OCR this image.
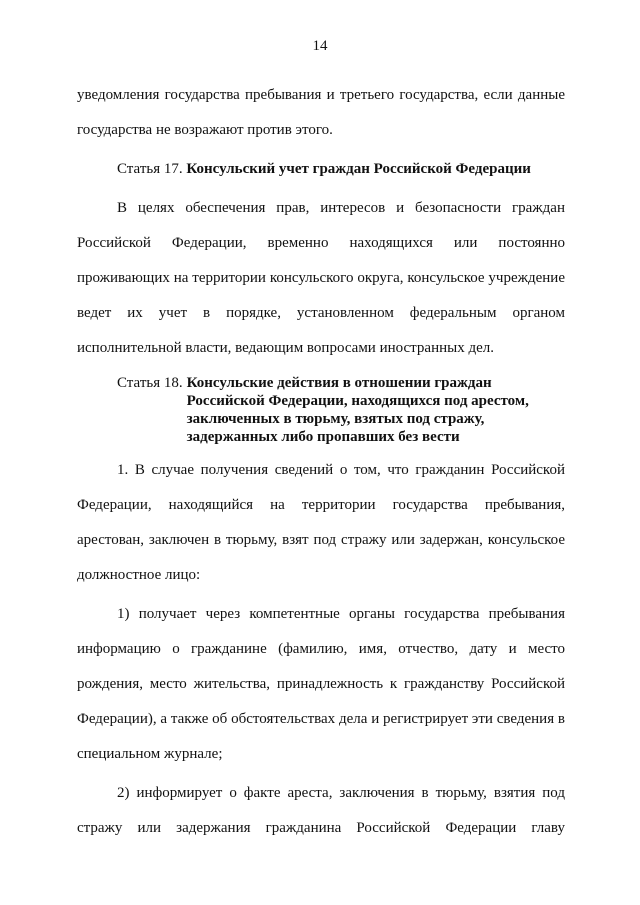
14

уведомления государства пребывания и третьего государства, если данные государства не возражают против этого.

Статья 17. Консульский учет граждан Российской Федерации

В целях обеспечения прав, интересов и безопасности граждан Российской Федерации, временно находящихся или постоянно проживающих на территории консульского округа, консульское учреждение ведет их учет в порядке, установленном федеральным органом исполнительной власти, ведающим вопросами иностранных дел.

Статья 18. Консульские действия в отношении граждан
Российской Федерации, находящихся под арестом,
заключенных в тюрьму, взятых под стражу,
задержанных либо пропавших без вести

1. В случае получения сведений о том, что гражданин Российской Федерации, находящийся на территории государства пребывания, арестован, заключен в тюрьму, взят под стражу или задержан, консульское должностное лицо:

1) получает через компетентные органы государства пребывания информацию о гражданине (фамилию, имя, отчество, дату и место рождения, место жительства, принадлежность к гражданству Российской Федерации), а также об обстоятельствах дела и регистрирует эти сведения в специальном журнале;

2) информирует о факте ареста, заключения в тюрьму, взятия под стражу или задержания гражданина Российской Федерации главу
